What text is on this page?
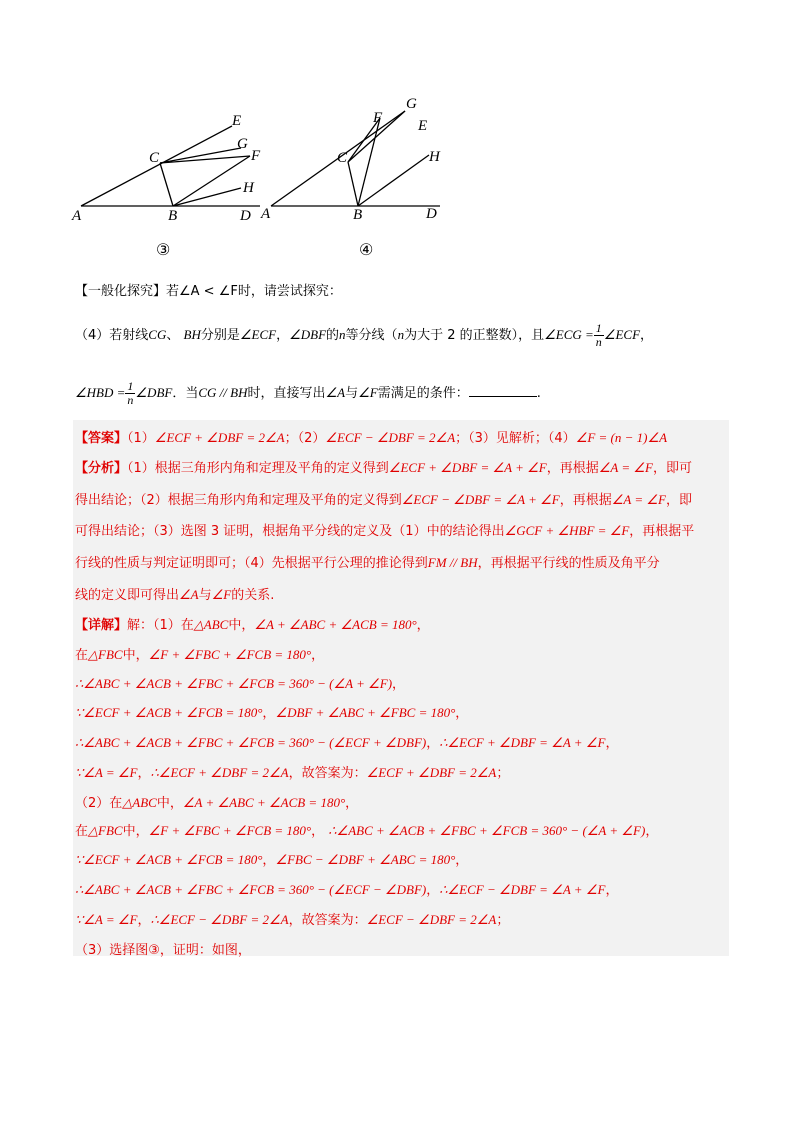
E
G
F
C
H
A	B	D
③
G
F E
C	H
A	B	D
④
【一般化探究】若∠A < ∠F时，请尝试探究：
（4）若射线CG、 BH分别是∠ECF，∠DBF的n等分线（n为大于 2 的正整数），且∠ECG = $\frac{1}{n}$ ∠ECF，
∠HBD = $\frac{1}{n}$ ∠DBF．当CG // BH时，直接写出∠A与∠F需满足的条件：	.
【答案】（1）∠ECF + ∠DBF = 2∠A；（2）∠ECF − ∠DBF = 2∠A；（3）见解析；（4）∠F = (n − 1)∠A
【分析】（1）根据三角形内角和定理及平角的定义得到∠ECF + ∠DBF = ∠A + ∠F，再根据∠A = ∠F，即可
得出结论；（2）根据三角形内角和定理及平角的定义得到∠ECF − ∠DBF = ∠A + ∠F，再根据∠A = ∠F，即
可得出结论；（3）选图 3 证明，根据角平分线的定义及（1）中的结论得出∠GCF + ∠HBF = ∠F，再根据平
行线的性质与判定证明即可；（4）先根据平行公理的推论得到FM // BH，再根据平行线的性质及角平分
线的定义即可得出∠A与∠F的关系.
【详解】解：（1）在△ABC中，∠A + ∠ABC + ∠ACB = 180°，
在△FBC中，∠F + ∠FBC + ∠FCB = 180°，
∴∠ABC + ∠ACB + ∠FBC + ∠FCB = 360° − (∠A + ∠F)，
∵∠ECF + ∠ACB + ∠FCB = 180°，∠DBF + ∠ABC + ∠FBC = 180°，
∴∠ABC + ∠ACB + ∠FBC + ∠FCB = 360° − (∠ECF + ∠DBF)，∴∠ECF + ∠DBF = ∠A + ∠F，
∵∠A = ∠F，∴∠ECF + ∠DBF = 2∠A，故答案为：∠ECF + ∠DBF = 2∠A；
（2）在△ABC中，∠A + ∠ABC + ∠ACB = 180°，
在△FBC中，∠F + ∠FBC + ∠FCB = 180°， ∴∠ABC + ∠ACB + ∠FBC + ∠FCB = 360° − (∠A + ∠F)，
∵∠ECF + ∠ACB + ∠FCB = 180°，∠FBC − ∠DBF + ∠ABC = 180°，
∴∠ABC + ∠ACB + ∠FBC + ∠FCB = 360° − (∠ECF − ∠DBF)，∴∠ECF − ∠DBF = ∠A + ∠F，
∵∠A = ∠F，∴∠ECF − ∠DBF = 2∠A，故答案为：∠ECF − ∠DBF = 2∠A；
（3）选择图③，证明：如图，
